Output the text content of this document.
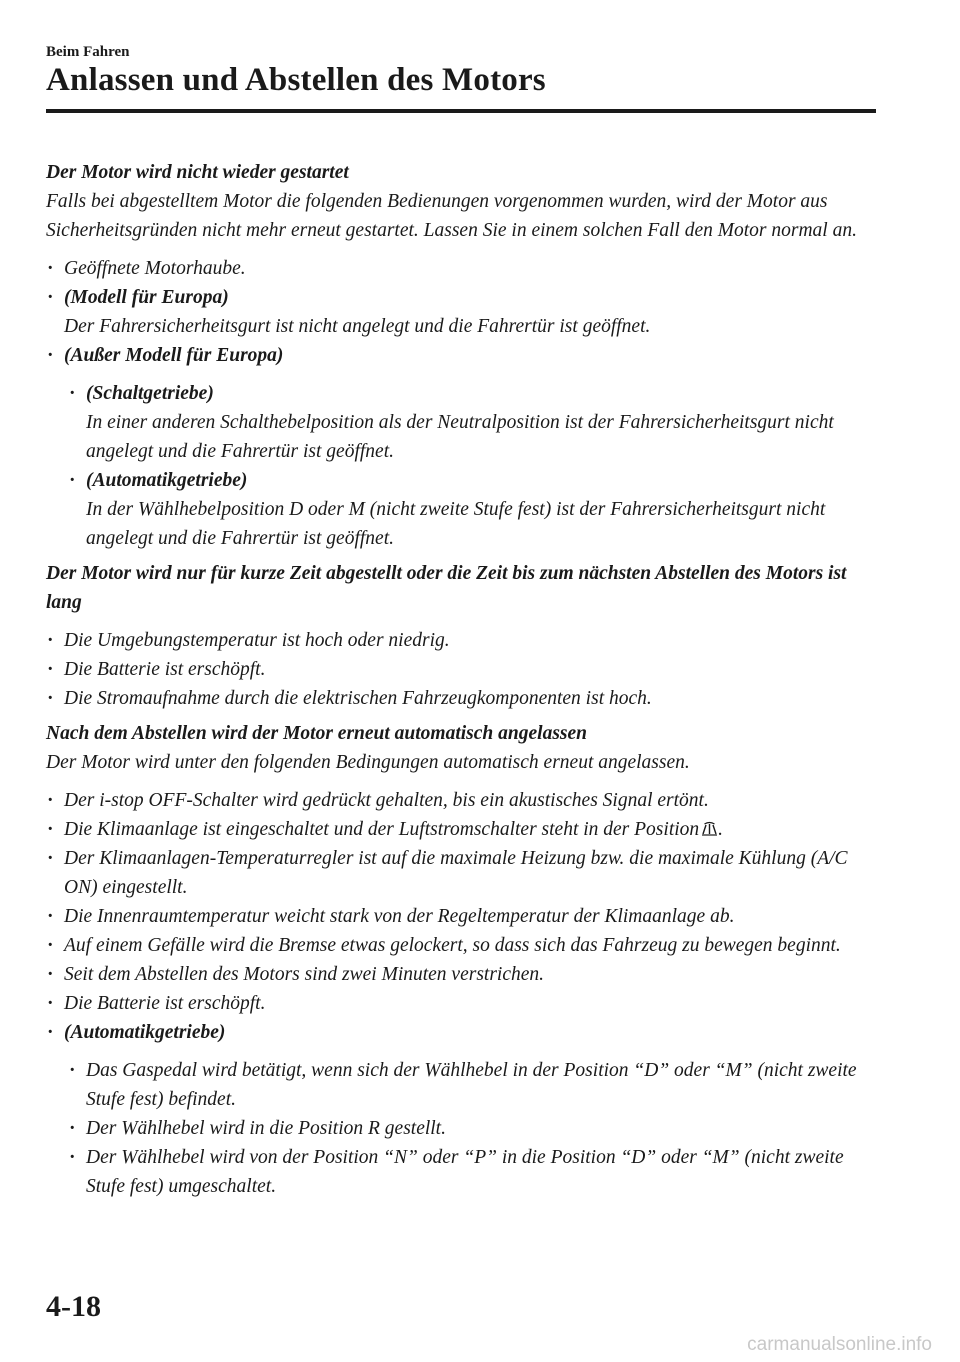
Beim Fahren
Anlassen und Abstellen des Motors
Der Motor wird nicht wieder gestartet

Falls bei abgestelltem Motor die folgenden Bedienungen vorgenommen wurden, wird der Motor aus Sicherheitsgründen nicht mehr erneut gestartet. Lassen Sie in einem solchen Fall den Motor normal an.

· Geöffnete Motorhaube.
· (Modell für Europa)
Der Fahrersicherheitsgurt ist nicht angelegt und die Fahrertür ist geöffnet.
· (Außer Modell für Europa)
· (Schaltgetriebe)
In einer anderen Schalthebelposition als der Neutralposition ist der Fahrersicherheitsgurt nicht angelegt und die Fahrertür ist geöffnet.
· (Automatikgetriebe)
In der Wählhebelposition D oder M (nicht zweite Stufe fest) ist der Fahrersicherheitsgurt nicht angelegt und die Fahrertür ist geöffnet.
Der Motor wird nur für kurze Zeit abgestellt oder die Zeit bis zum nächsten Abstellen des Motors ist lang
· Die Umgebungstemperatur ist hoch oder niedrig.
· Die Batterie ist erschöpft.
· Die Stromaufnahme durch die elektrischen Fahrzeugkomponenten ist hoch.
Nach dem Abstellen wird der Motor erneut automatisch angelassen

Der Motor wird unter den folgenden Bedingungen automatisch erneut angelassen.

· Der i-stop OFF-Schalter wird gedrückt gehalten, bis ein akustisches Signal ertönt.
· Die Klimaanlage ist eingeschaltet und der Luftstromschalter steht in der Position .
· Der Klimaanlagen-Temperaturregler ist auf die maximale Heizung bzw. die maximale Kühlung (A/C ON) eingestellt.
· Die Innenraumtemperatur weicht stark von der Regeltemperatur der Klimaanlage ab.
· Auf einem Gefälle wird die Bremse etwas gelockert, so dass sich das Fahrzeug zu bewegen beginnt.
· Seit dem Abstellen des Motors sind zwei Minuten verstrichen.
· Die Batterie ist erschöpft.
· (Automatikgetriebe)
· Das Gaspedal wird betätigt, wenn sich der Wählhebel in der Position “D” oder “M” (nicht zweite Stufe fest) befindet.
· Der Wählhebel wird in die Position R gestellt.
· Der Wählhebel wird von der Position “N” oder “P” in die Position “D” oder “M” (nicht zweite Stufe fest) umgeschaltet.
4-18
carmanualsonline.info
